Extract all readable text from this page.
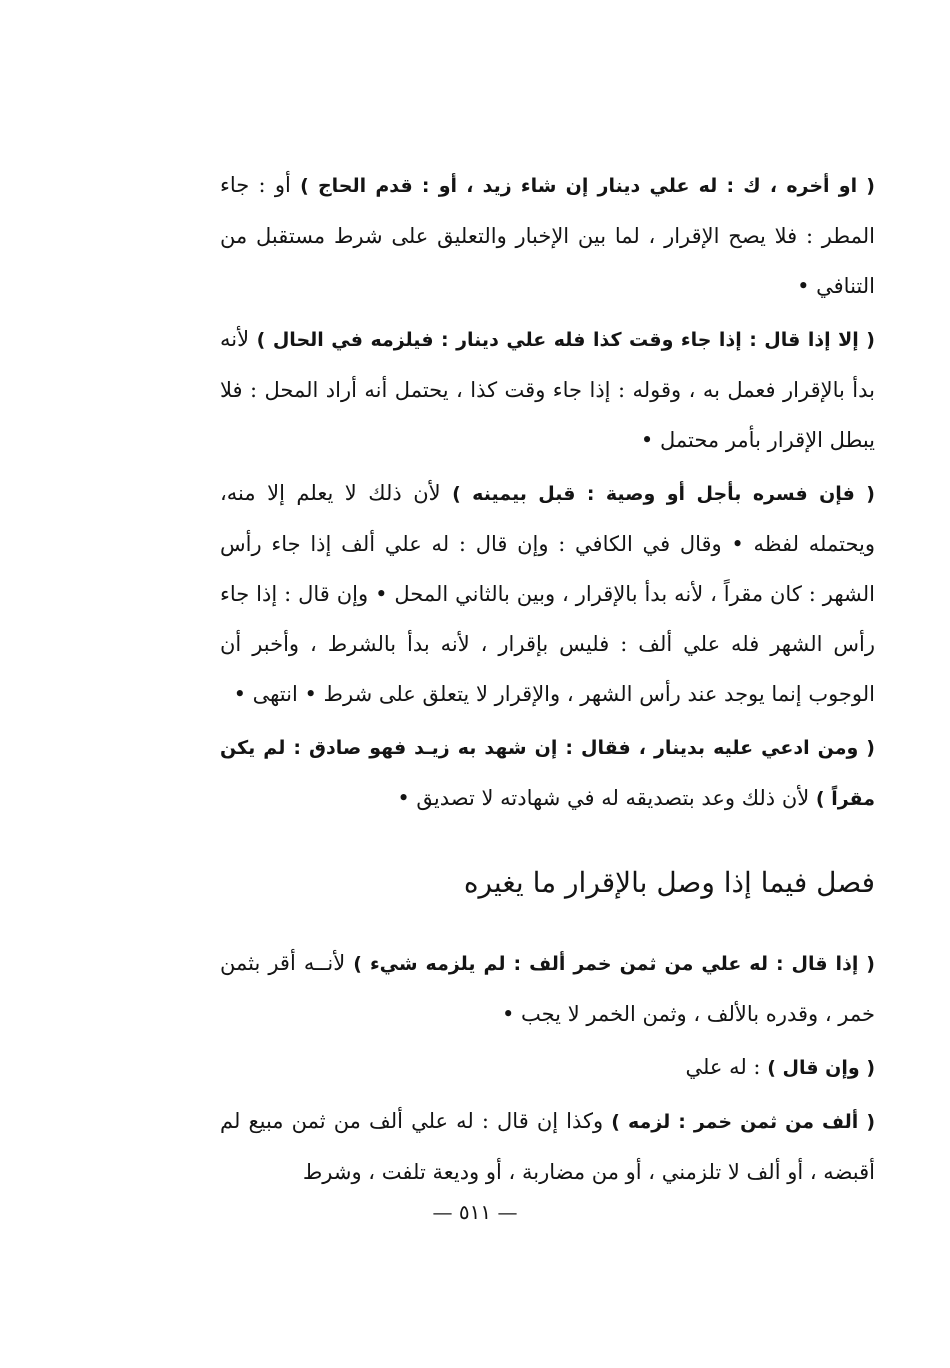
( او أخره ، ك : له علي دينار إن شاء زيد ، أو : قدم الحاج ) أو : جاء المطر : فلا يصح الإقرار ، لما بين الإخبار والتعليق على شرط مستقبل من التنافي •

( إلا إذا قال : إذا جاء وقت كذا فله علي دينار : فيلزمه في الحال ) لأنه بدأ بالإقرار فعمل به ، وقوله : إذا جاء وقت كذا ، يحتمل أنه أراد المحل : فلا يبطل الإقرار بأمر محتمل •

( فإن فسره بأجل أو وصية : قبل بيمينه ) لأن ذلك لا يعلم إلا منه، ويحتمله لفظه • وقال في الكافي : وإن قال : له علي ألف إذا جاء رأس الشهر : كان مقراً ، لأنه بدأ بالإقرار ، وبين بالثاني المحل • وإن قال : إذا جاء رأس الشهر فله علي ألف : فليس بإقرار ، لأنه بدأ بالشرط ، وأخبر أن الوجوب إنما يوجد عند رأس الشهر ، والإقرار لا يتعلق على شرط • انتهى •

( ومن ادعي عليه بدينار ، فقال : إن شهد به زيـد فهو صادق : لم يكن مقراً ) لأن ذلك وعد بتصديقه له في شهادته لا تصديق •

فصل فيما إذا وصل بالإقرار ما يغيره

( إذا قال : له علي من ثمن خمر ألف : لم يلزمه شيء ) لأنــه أقر بثمن خمر ، وقدره بالألف ، وثمن الخمر لا يجب •

( وإن قال ) : له علي

( ألف من ثمن خمر : لزمه ) وكذا إن قال : له علي ألف من ثمن مبيع لم أقبضه ، أو ألف لا تلزمني ، أو من مضاربة ، أو وديعة تلفت ، وشرط

— ٥١١ —
